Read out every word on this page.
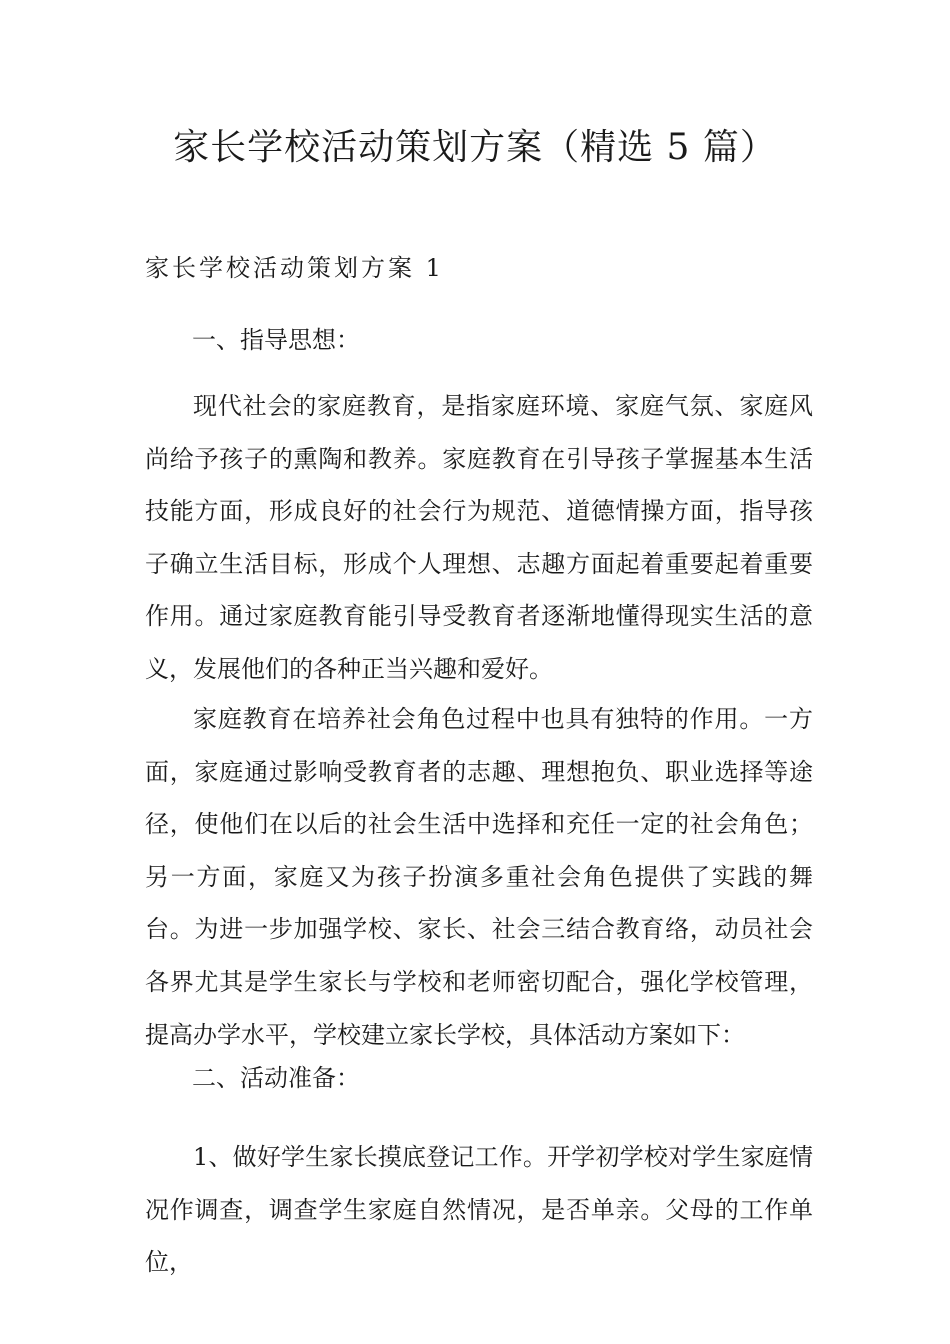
家长学校活动策划方案（精选 5 篇）
家长学校活动策划方案 1
一、指导思想：

现代社会的家庭教育，是指家庭环境、家庭气氛、家庭风尚给予孩子的熏陶和教养。家庭教育在引导孩子掌握基本生活技能方面，形成良好的社会行为规范、道德情操方面，指导孩子确立生活目标，形成个人理想、志趣方面起着重要起着重要作用。通过家庭教育能引导受教育者逐渐地懂得现实生活的意义，发展他们的各种正当兴趣和爱好。

家庭教育在培养社会角色过程中也具有独特的作用。一方面，家庭通过影响受教育者的志趣、理想抱负、职业选择等途径，使他们在以后的社会生活中选择和充任一定的社会角色；另一方面，家庭又为孩子扮演多重社会角色提供了实践的舞台。为进一步加强学校、家长、社会三结合教育络，动员社会各界尤其是学生家长与学校和老师密切配合，强化学校管理，提高办学水平，学校建立家长学校，具体活动方案如下：

二、活动准备：

1、做好学生家长摸底登记工作。开学初学校对学生家庭情况作调查，调查学生家庭自然情况，是否单亲。父母的工作单位，
